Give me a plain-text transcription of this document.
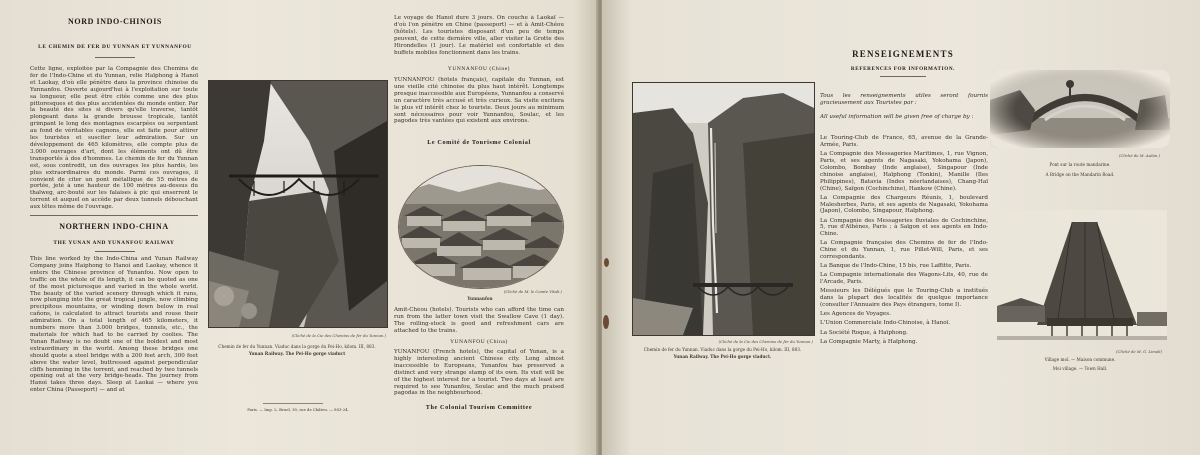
NORD INDO-CHINOIS

LE CHEMIN DE FER DU YUNNAN ET YUNNANFOU

Cette ligne, exploitée par la Compagnie des Chemins de fer de l'Indo-Chine et du Yunnan, relie Haïphong à Hanoï et Laokay, d'où elle pénètre dans la province chinoise du Yunnanfou. Ouverte aujourd'hui à l'exploitation sur toute sa longueur, elle peut être citée comme une des plus pittoresques et des plus accidentées du monde entier. Par la beauté des sites si divers qu'elle traverse, tantôt plongeant dans la grande brousse tropicale, tantôt grimpant le long des montagnes escarpées ou serpentant au fond de véritables cagnons, elle est faite pour attirer les touristes et susciter leur admiration. Sur un développement de 465 kilomètres, elle compte plus de 3.000 ouvrages d'art, dont les éléments ont dû être transportés à dos d'hommes. Le chemin de fer du Yunnan est, sous contredit, un des ouvrages les plus hardis, les plus extraordinaires du monde. Parmi ces ouvrages, il convient de citer un pont métallique de 55 mètres de portée, jeté à une hauteur de 100 mètres au-dessus du thalweg, arc-bouté sur les falaises à pic qui enserrent le torrent et auquel on accède par deux tunnels débouchant aux têtes même de l'ouvrage.

NORTHERN INDO-CHINA

THE YUNAN AND YUNANFOU RAILWAY

This line worked by the Indo-China and Yunan Railway Company joins Haiphong to Hanoi and Laokay, whence it enters the Chinese province of Yunanfou. Now open to traffic on the whole of its length, it can be quoted as one of the most picturesque and varied in the whole world. The beauty of the varied scenery through which it runs, now plunging into the great tropical jungle, now climbing precipitous mountains, or winding down below in real cañons, is calculated to attract tourists and rouse their admiration. On a total length of 465 kilometers, it numbers more than 3.000 bridges, tunnels, etc., the materials for which had to be carried by coolies. The Yunan Railway is no doubt one of the boldest and most extraordinary in the world. Among these bridges one should quote a steel bridge with a 200 feet arch, 300 feet above the water level, buttressed against perpendicular cliffs hemming in the torrent, and reached by two tunnels opening out at the very bridge-heads. The journey from Hanoi takes three days. Sleep at Laokai — where you enter China (Passeport) — and at

(Cliché de la Cie des Chemins de fer du Yunnan.)

Chemin de fer du Yunnan. Viaduc dans la gorge du Pei-Ho, kilom. III, 883.

Yunan Railway. The Pei-Ho gorge viaduct

Paris. — Imp. L. Bruel, 30, rue de Châteu. — 803-24.

Le voyage de Hanoï dure 3 jours. On couche à Laokaï — d'où l'on pénètre en Chine (passeport) — et à Amit-Chéou (hôtels). Les touristes disposant d'un peu de temps peuvent, de cette dernière ville, aller visiter la Grotte des Hirondelles (1 jour). Le matériel est confortable et des buffets mobiles fonctionnent dans les trains.

YUNNANFOU (Chine)

YUNNANFOU (hôtels français), capitale du Yunnan, est une vieille cité chinoise du plus haut intérêt. Longtemps presque inaccessible aux Européens, Yunnanfou a conservé un caractère très accusé et très curieux. Sa visite excitera le plus vif intérêt chez le touriste. Deux jours au minimum sont nécessaires pour voir Yunnanfou, Soulac, et les pagodes très vantées qui existent aux environs.

Le Comité de Tourisme Colonial

(Cliché de M. le Comte Vitali.)

Yunnanfou

Amit-Chéou (hotels). Tourists who can afford the time can run from the latter town visit the Swallow Cave (1 day). The rolling-stock is good and refreshment cars are attached to the trains.

YUNANFOU (China)

YUNANFOU (French hotels), the capital of Yunan, is a highly interesting ancient Chinese city. Long almost inaccessible to Europeans, Yunanfou has preserved a distinct and very strange stamp of its own. Its visit will be of the highest interest for a tourist. Two days at least are required to see Yunanfou, Soulac and the much praised pagodas in the neighbourhood.

The Colonial Tourism Committee

(Cliché de la Cie des Chemins de fer du Yunnan.)

Chemin de fer du Yunnan. Viaduc dans la gorge du Pei-Ho, kilom. III, 883.

Yunan Railway. The Pei-Ho gorge viaduct.

RENSEIGNEMENTS

REFERENCES FOR INFORMATION.

Tous les renseignements utiles seront fournis gracieusement aux Touristes par :

All useful information will be given free of charge by :

Le Touring-Club de France, 65, avenue de la Grande-Armée, Paris.

La Compagnie des Messageries Maritimes, 1, rue Vignon, Paris, et ses agents de Nagasaki, Yokohama (Japon), Colombo, Bombay (Inde anglaise), Singapour (Inde chinoise anglaise), Haïphong (Tonkin), Manille (Iles Philippines), Batavia (Indes néerlandaises), Chang-Haï (Chine), Saïgon (Cochinchine), Hankow (Chine).

La Compagnie des Chargeurs Réunis, 1, boulevard Malesherbes, Paris, et ses agents de Nagasaki, Yokohama (Japon), Colombo, Singapour, Haïphong.

La Compagnie des Messageries fluviales de Cochinchine, 5, rue d'Athènes, Paris ; à Saïgon et ses agents en Indo-Chine.

La Compagnie française des Chemins de fer de l'Indo-Chine et du Yunnan, 1, rue Pillet-Will, Paris, et ses correspondants.

La Banque de l'Indo-Chine, 15 bis, rue Laffitte, Paris.

La Compagnie internationale des Wagons-Lits, 40, rue de l'Arcade, Paris.

Messieurs les Délégués que le Touring-Club a institués dans la plupart des localités de quelque importance (consulter l'Annuaire des Pays étrangers, tome I).

Les Agences de Voyages.

L'Union Commerciale Indo-Chinoise, à Hanoï.

La Société Roque, à Haïphong.

La Compagnie Marty, à Haïphong.

(Cliché de M. Aubin.)

Pont sur la route mandarine.

A Bridge on the Mandarin Road.

(Cliché de M. G. Limoli)

Village moï. — Maison commune.

Moi village. — Town Hall.
